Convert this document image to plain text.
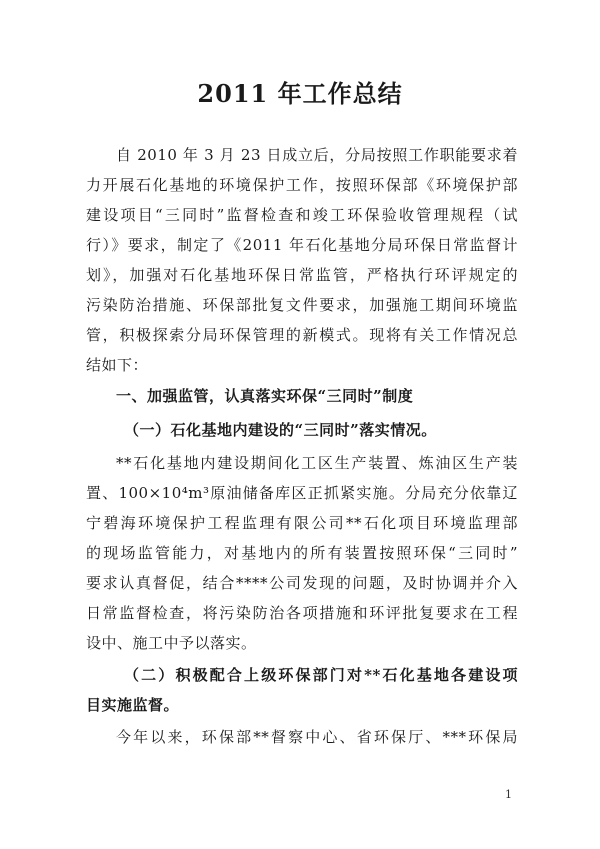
2011 年工作总结

自 2010 年 3 月 23 日成立后，分局按照工作职能要求着
力开展石化基地的环境保护工作，按照环保部《环境保护部
建设项目“三同时”监督检查和竣工环保验收管理规程（试
行）》要求，制定了《2011 年石化基地分局环保日常监督计
划》，加强对石化基地环保日常监管，严格执行环评规定的
污染防治措施、环保部批复文件要求，加强施工期间环境监
管，积极探索分局环保管理的新模式。现将有关工作情况总
结如下：

一、加强监管，认真落实环保“三同时”制度

（一）石化基地内建设的“三同时”落实情况。

**石化基地内建设期间化工区生产装置、炼油区生产装
置、100×10⁴m³原油储备库区正抓紧实施。分局充分依靠辽
宁碧海环境保护工程监理有限公司**石化项目环境监理部
的现场监管能力，对基地内的所有装置按照环保“三同时”
要求认真督促，结合****公司发现的问题，及时协调并介入
日常监督检查，将污染防治各项措施和环评批复要求在工程
设中、施工中予以落实。

（二）积极配合上级环保部门对**石化基地各建设项
目实施监督。

今年以来，环保部**督察中心、省环保厅、***环保局

1
